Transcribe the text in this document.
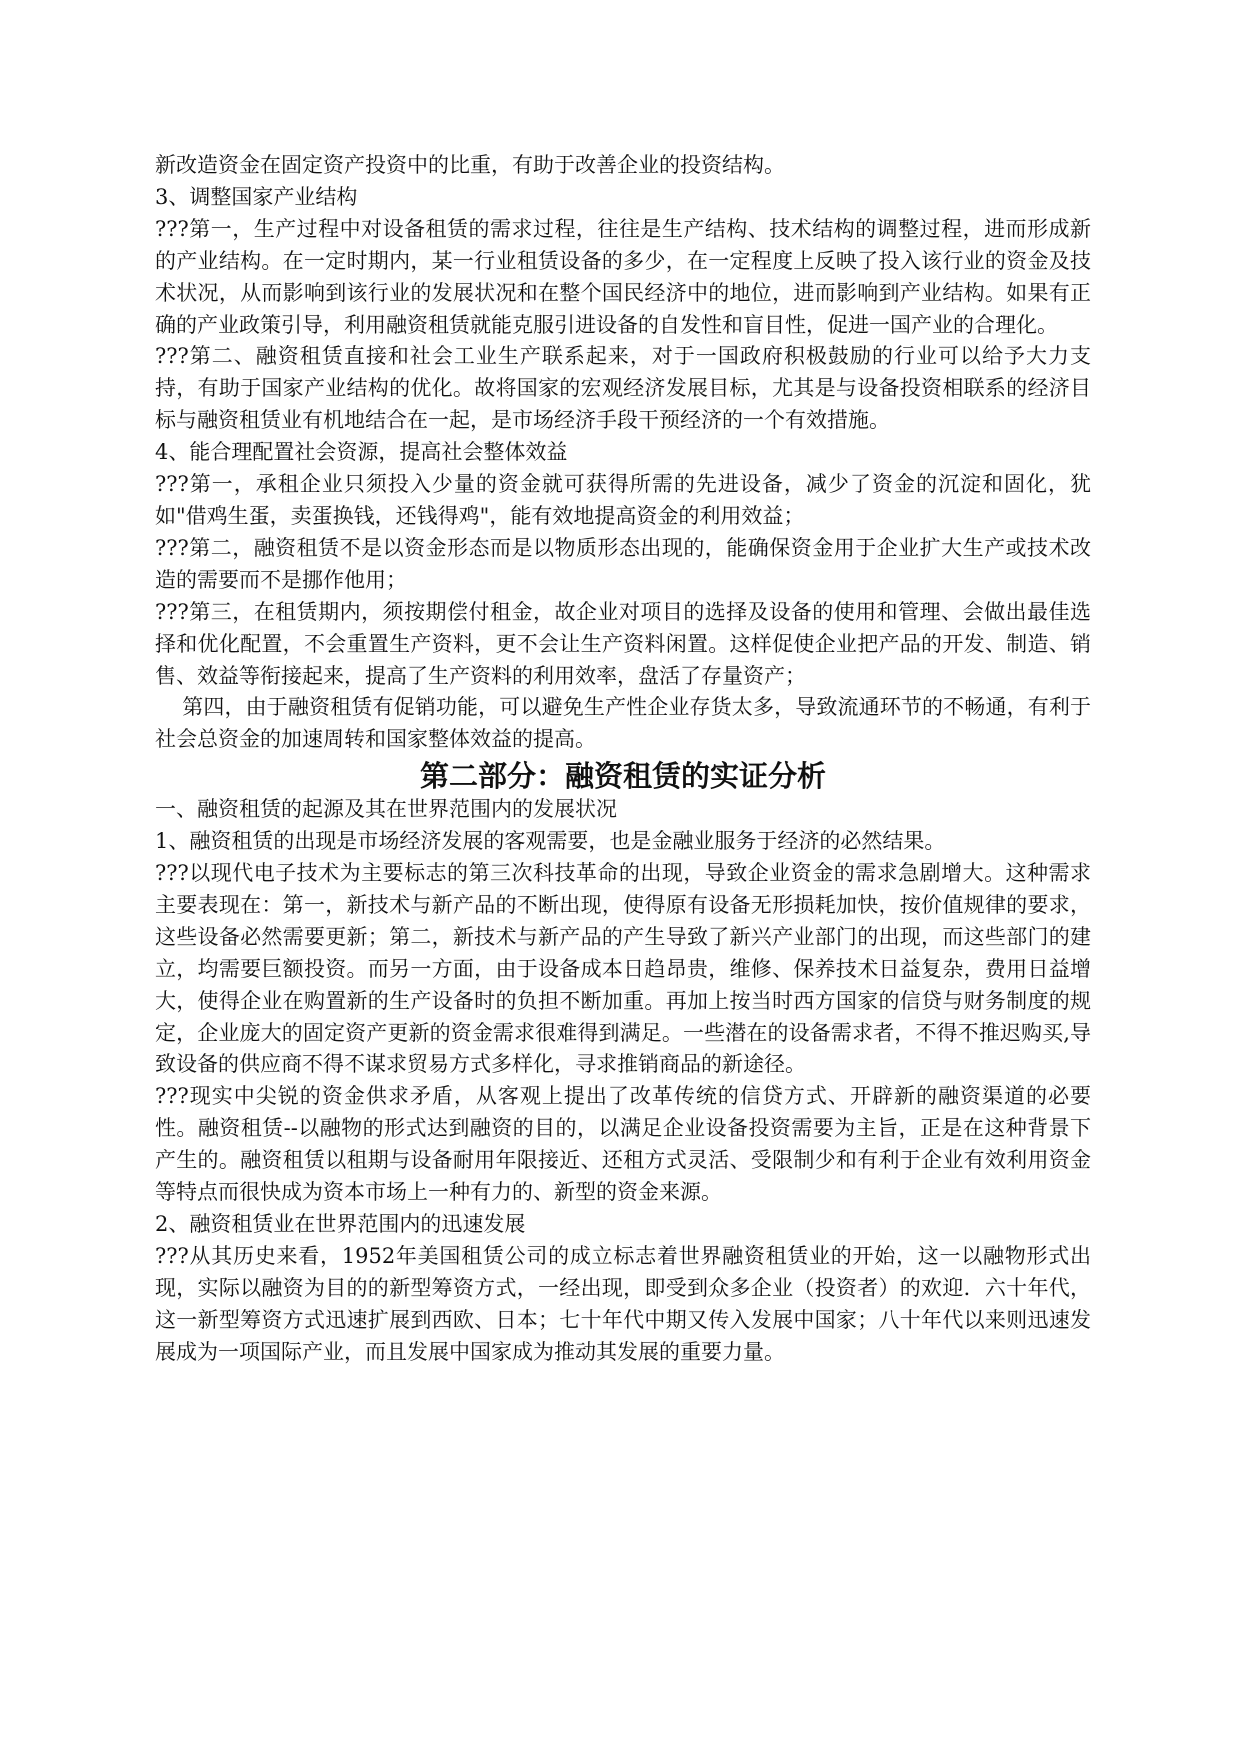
新改造资金在固定资产投资中的比重，有助于改善企业的投资结构。

3、调整国家产业结构

???第一，生产过程中对设备租赁的需求过程，往往是生产结构、技术结构的调整过程，进而形成新的产业结构。在一定时期内，某一行业租赁设备的多少，在一定程度上反映了投入该行业的资金及技术状况，从而影响到该行业的发展状况和在整个国民经济中的地位，进而影响到产业结构。如果有正确的产业政策引导，利用融资租赁就能克服引进设备的自发性和盲目性，促进一国产业的合理化。

???第二、融资租赁直接和社会工业生产联系起来，对于一国政府积极鼓励的行业可以给予大力支持，有助于国家产业结构的优化。故将国家的宏观经济发展目标，尤其是与设备投资相联系的经济目标与融资租赁业有机地结合在一起，是市场经济手段干预经济的一个有效措施。

4、能合理配置社会资源，提高社会整体效益

???第一，承租企业只须投入少量的资金就可获得所需的先进设备，减少了资金的沉淀和固化，犹如"借鸡生蛋，卖蛋换钱，还钱得鸡"，能有效地提高资金的利用效益；

???第二，融资租赁不是以资金形态而是以物质形态出现的，能确保资金用于企业扩大生产或技术改造的需要而不是挪作他用；

???第三，在租赁期内，须按期偿付租金，故企业对项目的选择及设备的使用和管理、会做出最佳选择和优化配置，不会重置生产资料，更不会让生产资料闲置。这样促使企业把产品的开发、制造、销售、效益等衔接起来，提高了生产资料的利用效率，盘活了存量资产；

第四，由于融资租赁有促销功能，可以避免生产性企业存货太多，导致流通环节的不畅通，有利于社会总资金的加速周转和国家整体效益的提高。

第二部分：融资租赁的实证分析

一、融资租赁的起源及其在世界范围内的发展状况

1、融资租赁的出现是市场经济发展的客观需要，也是金融业服务于经济的必然结果。

???以现代电子技术为主要标志的第三次科技革命的出现，导致企业资金的需求急剧增大。这种需求主要表现在：第一，新技术与新产品的不断出现，使得原有设备无形损耗加快，按价值规律的要求，这些设备必然需要更新；第二，新技术与新产品的产生导致了新兴产业部门的出现，而这些部门的建立，均需要巨额投资。而另一方面，由于设备成本日趋昂贵，维修、保养技术日益复杂，费用日益增大，使得企业在购置新的生产设备时的负担不断加重。再加上按当时西方国家的信贷与财务制度的规定，企业庞大的固定资产更新的资金需求很难得到满足。一些潜在的设备需求者，不得不推迟购买,导致设备的供应商不得不谋求贸易方式多样化，寻求推销商品的新途径。

???现实中尖锐的资金供求矛盾，从客观上提出了改革传统的信贷方式、开辟新的融资渠道的必要性。融资租赁--以融物的形式达到融资的目的，以满足企业设备投资需要为主旨，正是在这种背景下产生的。融资租赁以租期与设备耐用年限接近、还租方式灵活、受限制少和有利于企业有效利用资金等特点而很快成为资本市场上一种有力的、新型的资金来源。

2、融资租赁业在世界范围内的迅速发展

???从其历史来看，1952年美国租赁公司的成立标志着世界融资租赁业的开始，这一以融物形式出现，实际以融资为目的的新型筹资方式，一经出现，即受到众多企业（投资者）的欢迎．六十年代，这一新型筹资方式迅速扩展到西欧、日本；七十年代中期又传入发展中国家；八十年代以来则迅速发展成为一项国际产业，而且发展中国家成为推动其发展的重要力量。
